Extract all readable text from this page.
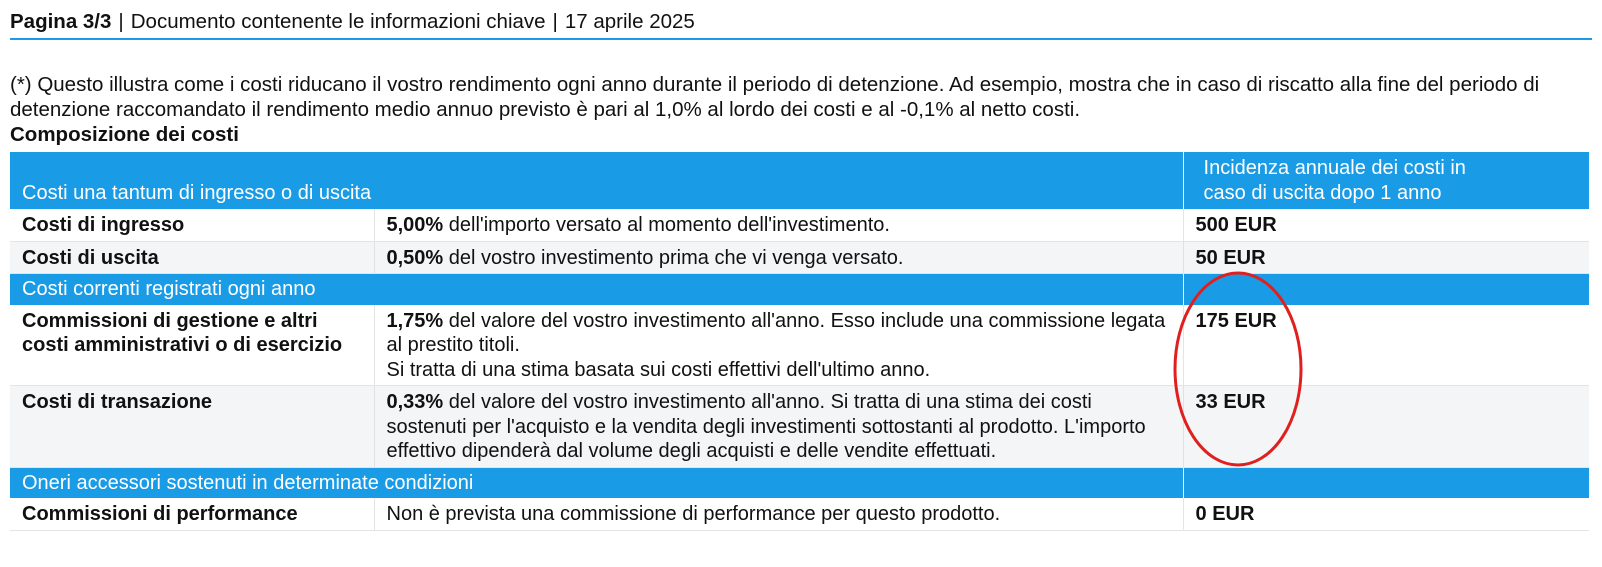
Pagina 3/3 | Documento contenente le informazioni chiave | 17 aprile 2025

(*) Questo illustra come i costi riducano il vostro rendimento ogni anno durante il periodo di detenzione. Ad esempio, mostra che in caso di riscatto alla fine del periodo di detenzione raccomandato il rendimento medio annuo previsto è pari al 1,0% al lordo dei costi e al -0,1% al netto costi.

Composizione dei costi
Costi una tantum di ingresso o di uscita		Incidenza annuale dei costi in
caso di uscita dopo 1 anno

Costi di ingresso	5,00% dell'importo versato al momento dell'investimento.	500 EUR
Costi di uscita	0,50% del vostro investimento prima che vi venga versato.	50 EUR
Costi correnti registrati ogni anno		
Commissioni di gestione e altri costi amministrativi o di esercizio	1,75% del valore del vostro investimento all'anno. Esso include una commissione legata al prestito titoli.
Si tratta di una stima basata sui costi effettivi dell'ultimo anno.	175 EUR
Costi di transazione	0,33% del valore del vostro investimento all'anno. Si tratta di una stima dei costi sostenuti per l'acquisto e la vendita degli investimenti sottostanti al prodotto. L'importo effettivo dipenderà dal volume degli acquisti e delle vendite effettuati.	33 EUR
Oneri accessori sostenuti in determinate condizioni		
Commissioni di performance	Non è prevista una commissione di performance per questo prodotto.	0 EUR
